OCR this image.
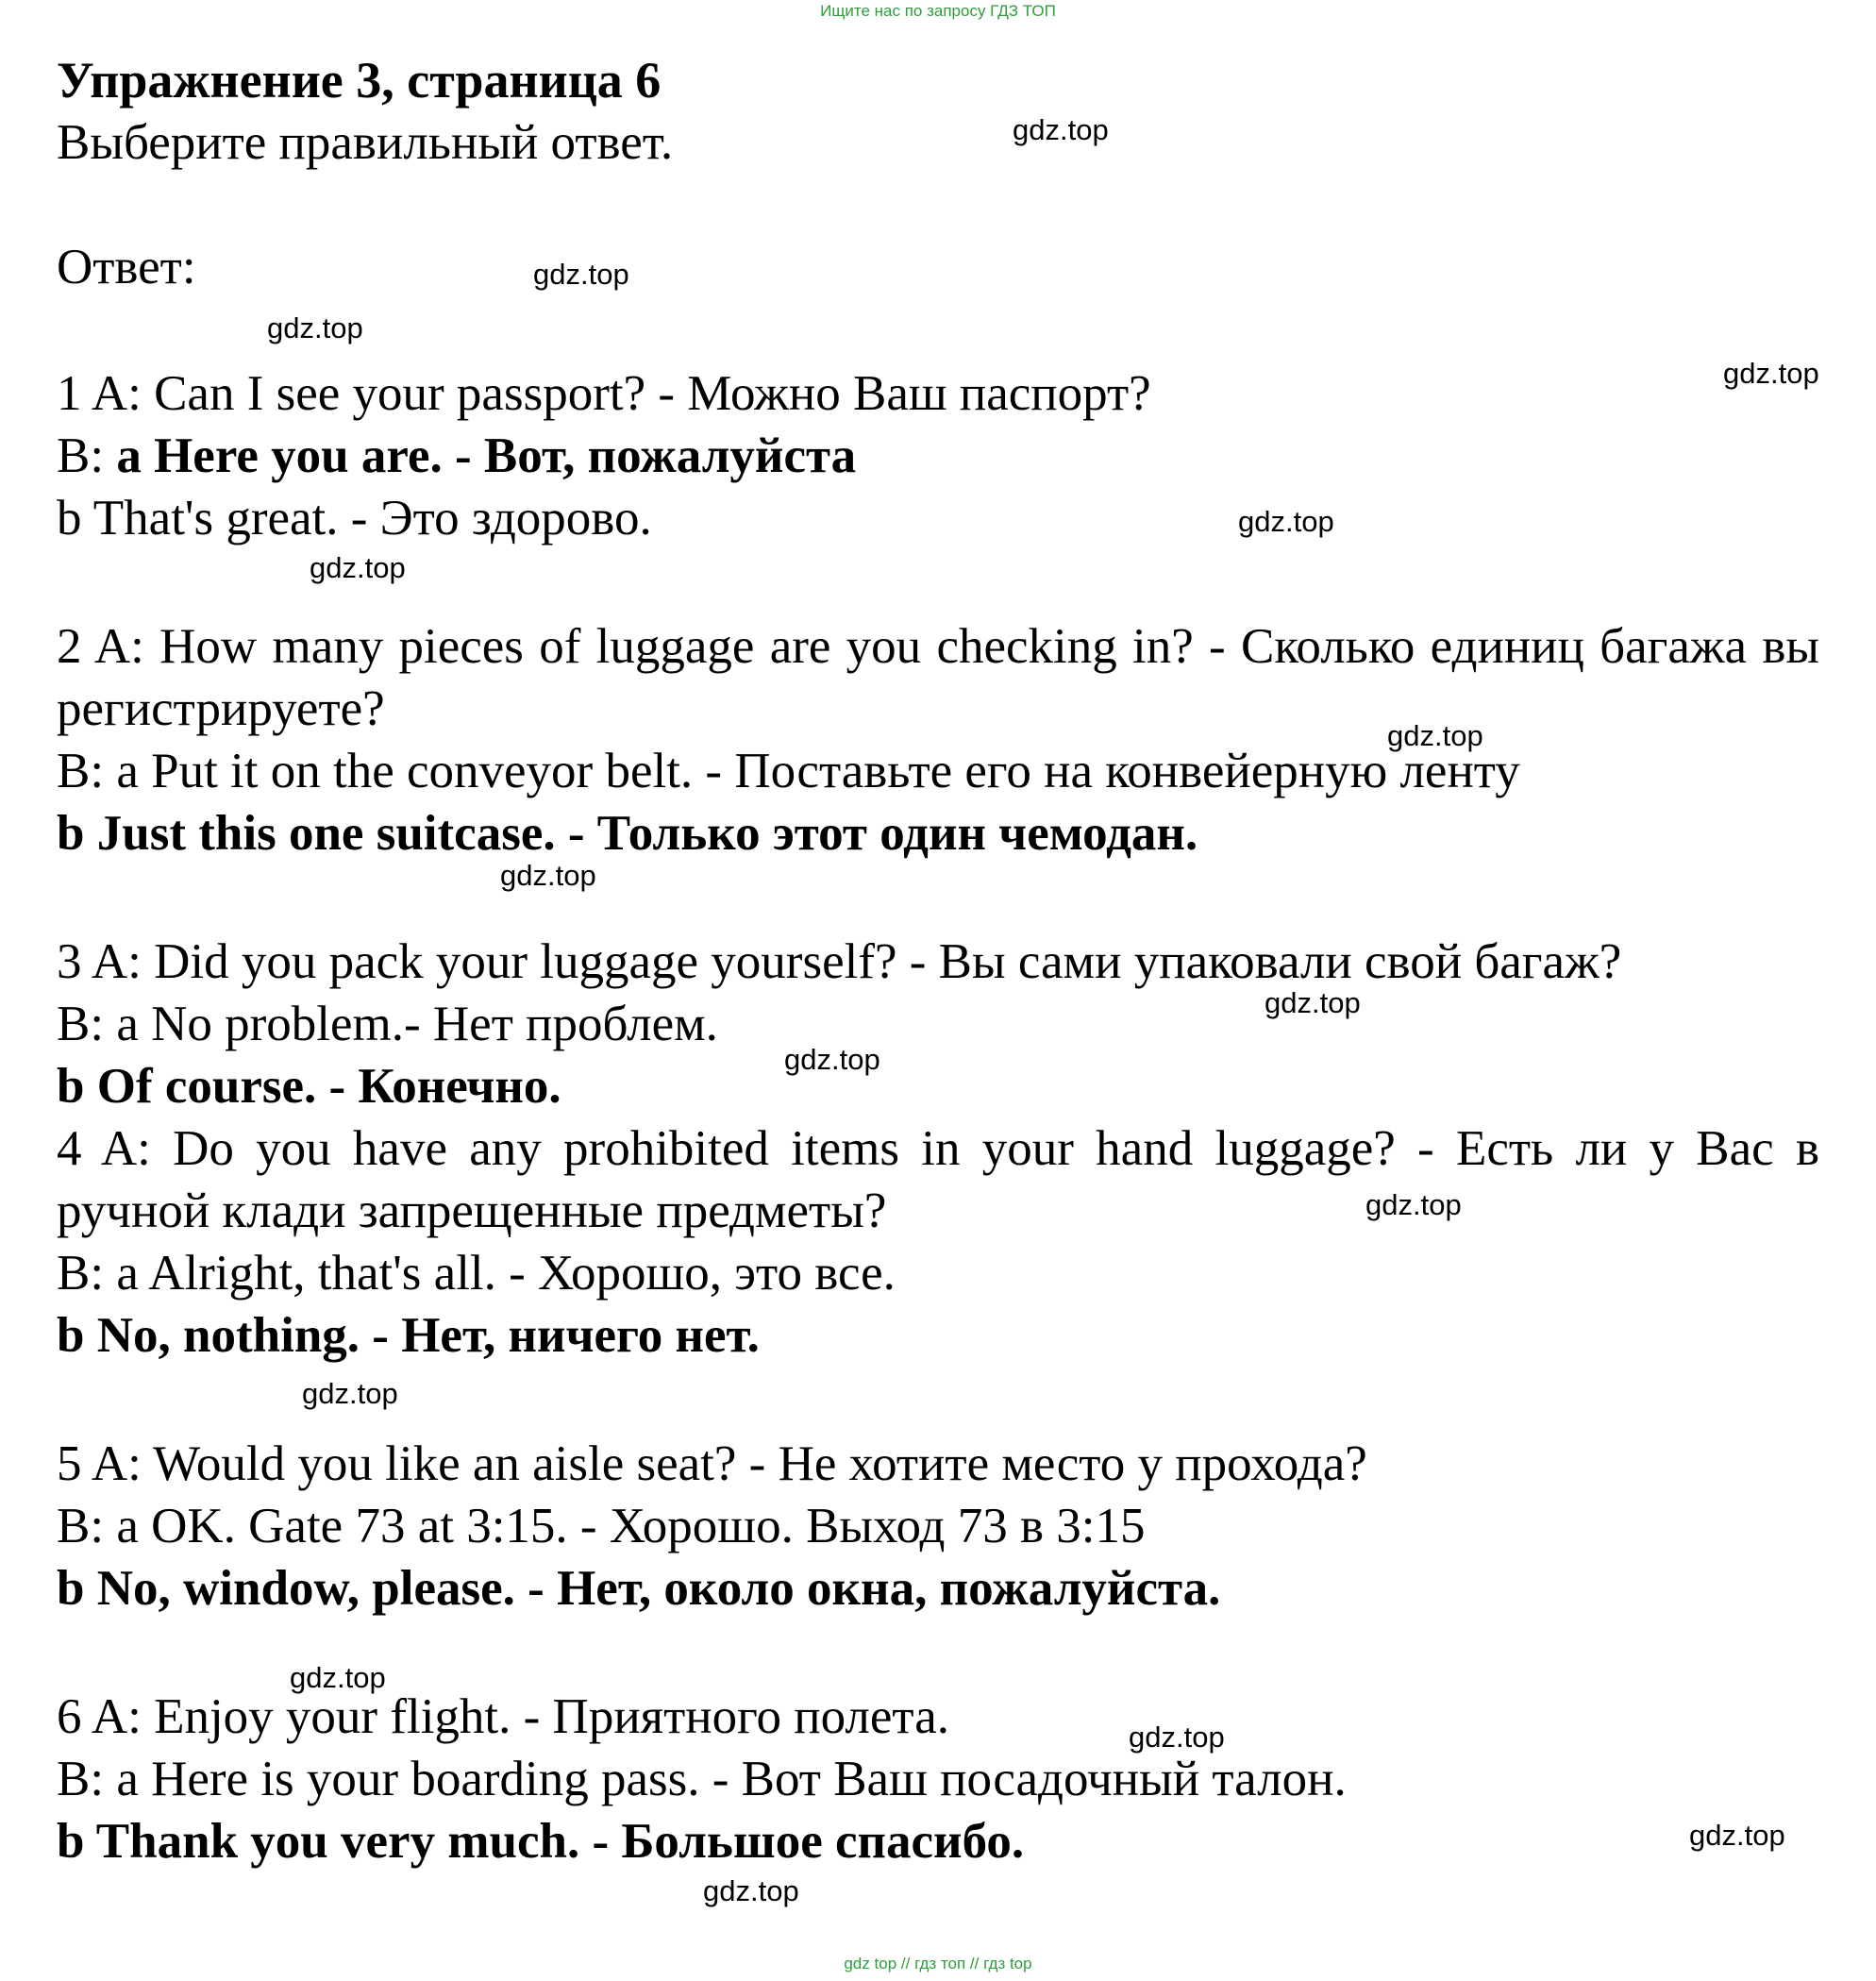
Ищите нас по запросу ГДЗ ТОП

Упражнение 3, страница 6

Выберите правильный ответ.

Ответ:

1 A: Can I see your passport? - Можно Ваш паспорт?

B: a Here you are. - Вот, пожалуйста

b That's great. - Это здорово.

2 A: How many pieces of luggage are you checking in? - Сколько единиц багажа вы регистрируете?

B: a Put it on the conveyor belt. - Поставьте его на конвейерную ленту

b Just this one suitcase. - Только этот один чемодан.

3 A: Did you pack your luggage yourself? - Вы сами упаковали свой багаж?

B: a No problem.- Нет проблем.

b Of course. - Конечно.

4 A: Do you have any prohibited items in your hand luggage? - Есть ли у Вас в ручной клади запрещенные предметы?

B: a Alright, that's all. - Хорошо, это все.

b No, nothing. - Нет, ничего нет.

5 A: Would you like an aisle seat? - Не хотите место у прохода?

B: a OK. Gate 73 at 3:15. - Хорошо. Выход 73 в 3:15

b No, window, please. - Нет, около окна, пожалуйста.

6 A: Enjoy your flight. - Приятного полета.

B: a Here is your boarding pass. - Вот Ваш посадочный талон.

b Thank you very much. - Большое спасибо.

gdz.top
gdz.top
gdz.top
gdz.top
gdz.top
gdz.top
gdz.top
gdz.top
gdz.top
gdz.top
gdz.top
gdz.top
gdz.top
gdz.top
gdz.top
gdz.top
gdz top // гдз топ // гдз top
